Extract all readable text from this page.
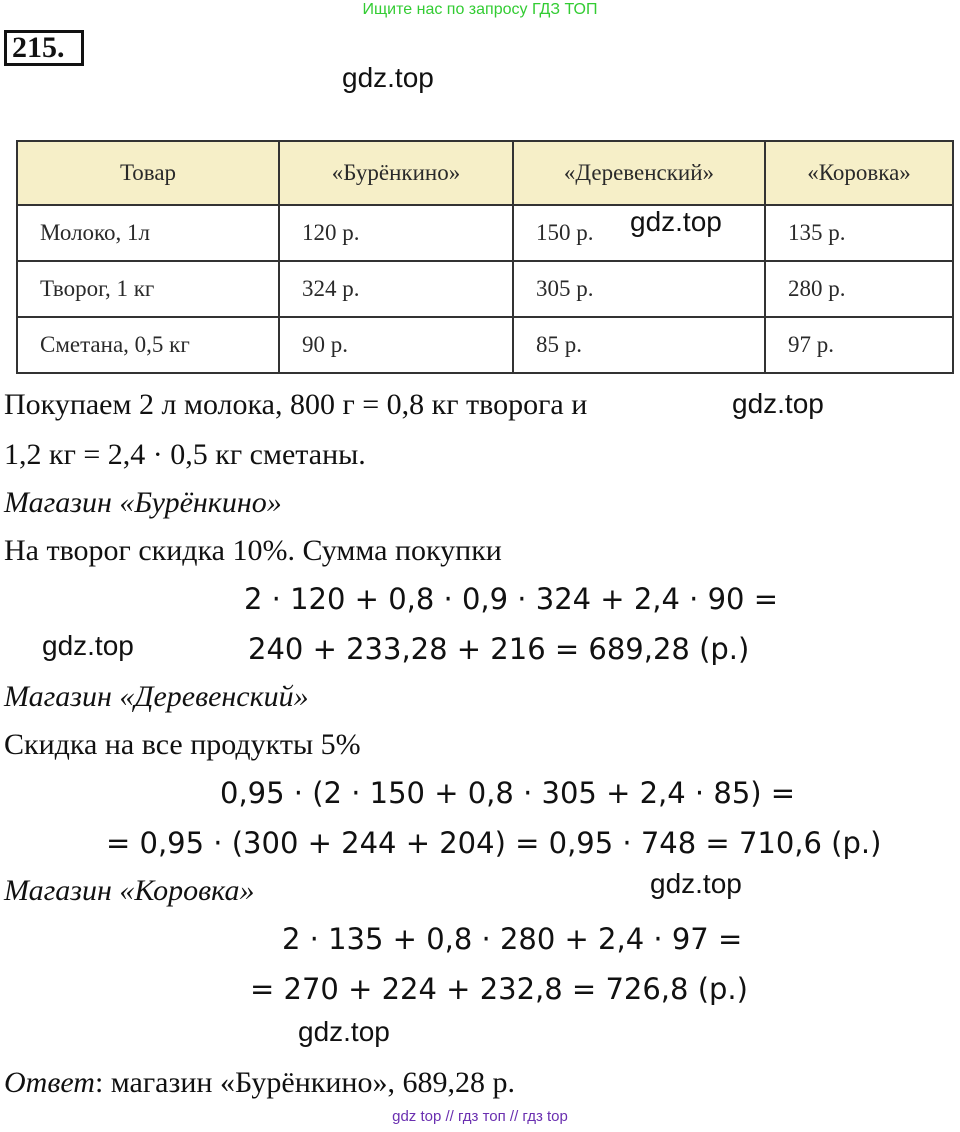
Ищите нас по запросу ГДЗ ТОП
215.
gdz.top
Товар	«Бурёнкино»	«Деревенский»	«Коровка»
Молоко, 1л	120 р.	150 р.	135 р.
Творог, 1 кг	324 р.	305 р.	280 р.
Сметана, 0,5 кг	90 р.	85 р.	97 р.
gdz.top
Покупаем 2 л молока, 800 г = 0,8 кг творога и	gdz.top
1,2 кг = 2,4 · 0,5 кг сметаны.
Магазин «Бурёнкино»
На творог скидка 10%. Сумма покупки
2 · 120 + 0,8 · 0,9 · 324 + 2,4 · 90 =
gdz.top	240 + 233,28 + 216 = 689,28 (р.)
Магазин «Деревенский»
Скидка на все продукты 5%
0,95 · (2 · 150 + 0,8 · 305 + 2,4 · 85) =
= 0,95 · (300 + 244 + 204) = 0,95 · 748 = 710,6 (р.)
Магазин «Коровка»	gdz.top
2 · 135 + 0,8 · 280 + 2,4 · 97 =
= 270 + 224 + 232,8 = 726,8 (р.)
gdz.top
Ответ: магазин «Бурёнкино», 689,28 р.
gdz top // гдз топ // гдз top
